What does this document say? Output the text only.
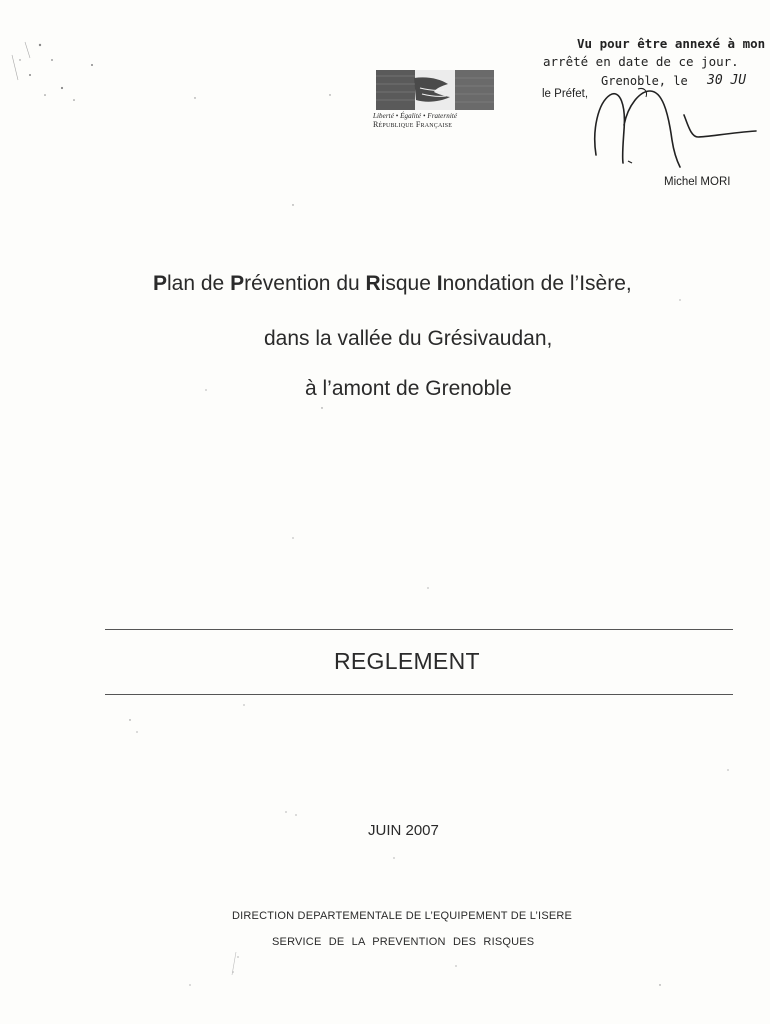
Liberté • Égalité • Fraternité
République Française
Vu pour être annexé à mon
arrêté en date de ce jour.
Grenoble, le 30 JU
le Préfet,
Michel MORI
Plan de Prévention du Risque Inondation de l’Isère,
dans la vallée du Grésivaudan,
à l’amont de Grenoble
REGLEMENT
JUIN 2007
DIRECTION DEPARTEMENTALE DE L’EQUIPEMENT DE L’ISERE
SERVICE DE LA PREVENTION DES RISQUES
